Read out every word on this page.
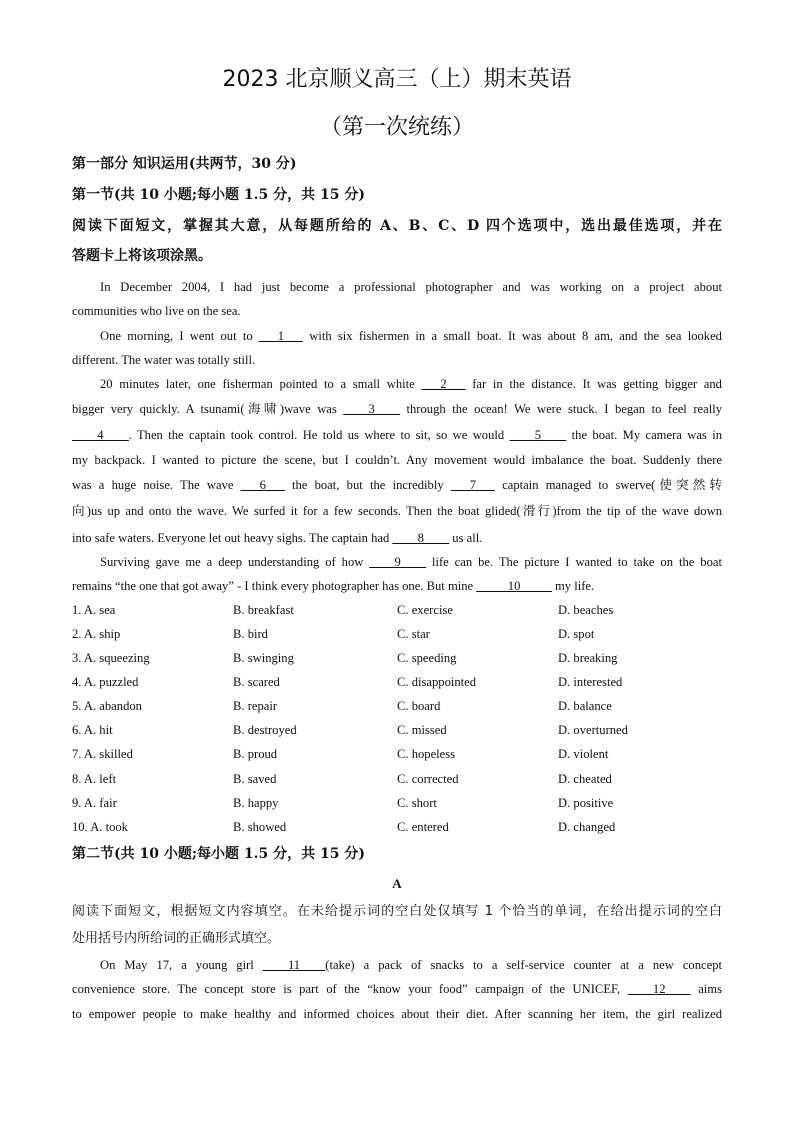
2023 北京顺义高三（上）期末英语
（第一次统练）
第一部分 知识运用(共两节，30 分)
第一节(共 10 小题;每小题 1.5 分，共 15 分)
阅读下面短文，掌握其大意，从每题所给的 A、B、C、D 四个选项中，选出最佳选项，并在
答题卡上将该项涂黑。
In December 2004, I had just become a professional photographer and was working on a project about
communities who live on the sea.
One morning, I went out to ___1___ with six fishermen in a small boat. It was about 8 am, and the sea looked
different. The water was totally still.
20 minutes later, one fisherman pointed to a small white ___2___ far in the distance. It was getting bigger and
bigger very quickly. A tsunami(海啸)wave was ____3____ through the ocean! We were stuck. I began to feel really
____4____. Then the captain took control. He told us where to sit, so we would ____5____ the boat. My camera was in
my backpack. I wanted to picture the scene, but I couldn’t. Any movement would imbalance the boat. Suddenly there
was a huge noise. The wave ___6___ the boat, but the incredibly ___7___ captain managed to swerve(使突然转
向)us up and onto the wave. We surfed it for a few seconds. Then the boat glided(滑行)from the tip of the wave down
into safe waters. Everyone let out heavy sighs. The captain had ____8____ us all.
Surviving gave me a deep understanding of how ____9____ life can be. The picture I wanted to take on the boat
remains “the one that got away” - I think every photographer has one. But mine _____10_____ my life.
1. A. sea	B. breakfast	C. exercise	D. beaches
2. A. ship	B. bird	C. star	D. spot
3. A. squeezing	B. swinging	C. speeding	D. breaking
4. A. puzzled	B. scared	C. disappointed	D. interested
5. A. abandon	B. repair	C. board	D. balance
6. A. hit	B. destroyed	C. missed	D. overturned
7. A. skilled	B. proud	C. hopeless	D. violent
8. A. left	B. saved	C. corrected	D. cheated
9. A. fair	B. happy	C. short	D. positive
10. A. took	B. showed	C. entered	D. changed
第二节(共 10 小题;每小题 1.5 分，共 15 分)
A
阅读下面短文，根据短文内容填空。在未给提示词的空白处仅填写 1 个恰当的单词，在给出提示词的空白
处用括号内所给词的正确形式填空。
On May 17, a young girl ____11____(take) a pack of snacks to a self-service counter at a new concept
convenience store. The concept store is part of the “know your food” campaign of the UNICEF, ____12____ aims
to empower people to make healthy and informed choices about their diet. After scanning her item, the girl realized
